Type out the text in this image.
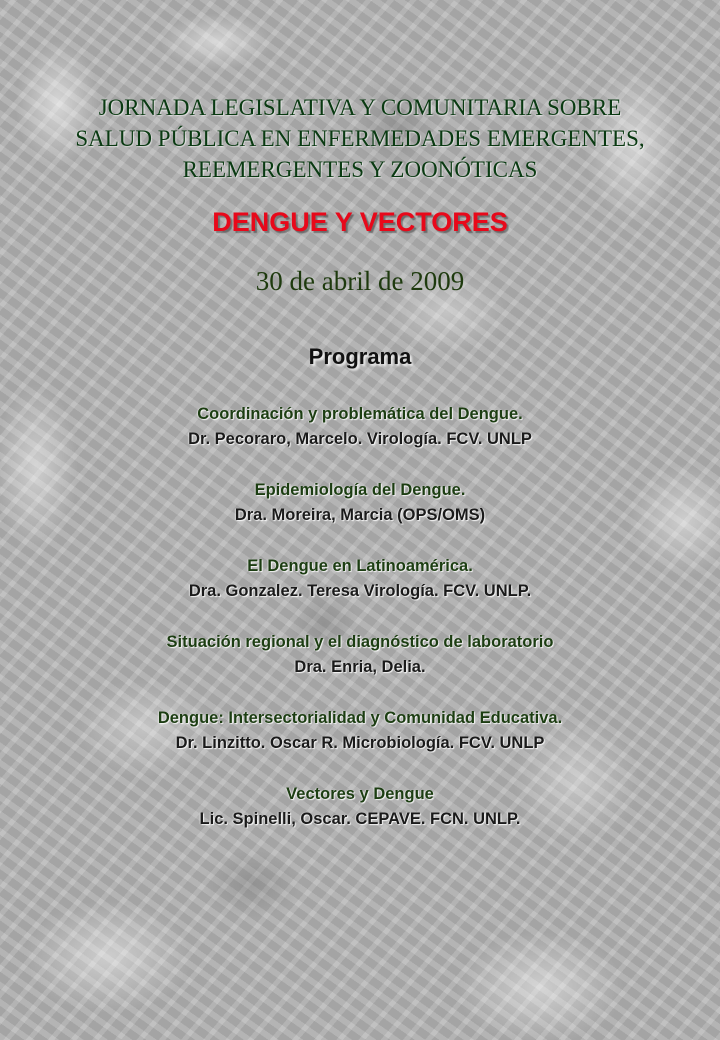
JORNADA LEGISLATIVA Y COMUNITARIA SOBRE
SALUD PÚBLICA EN ENFERMEDADES EMERGENTES,
REEMERGENTES Y ZOONÓTICAS
DENGUE Y VECTORES
30 de abril de 2009
Programa
Coordinación y problemática del Dengue.
Dr. Pecoraro, Marcelo. Virología. FCV. UNLP
Epidemiología del Dengue.
Dra. Moreira, Marcia (OPS/OMS)
El Dengue en Latinoamérica.
Dra. Gonzalez. Teresa Virología. FCV. UNLP.
Situación regional y el diagnóstico de laboratorio
Dra. Enria, Delia.
Dengue: Intersectorialidad y Comunidad Educativa.
Dr. Linzitto. Oscar R. Microbiología. FCV. UNLP
Vectores y Dengue
Lic. Spinelli, Oscar. CEPAVE. FCN. UNLP.
